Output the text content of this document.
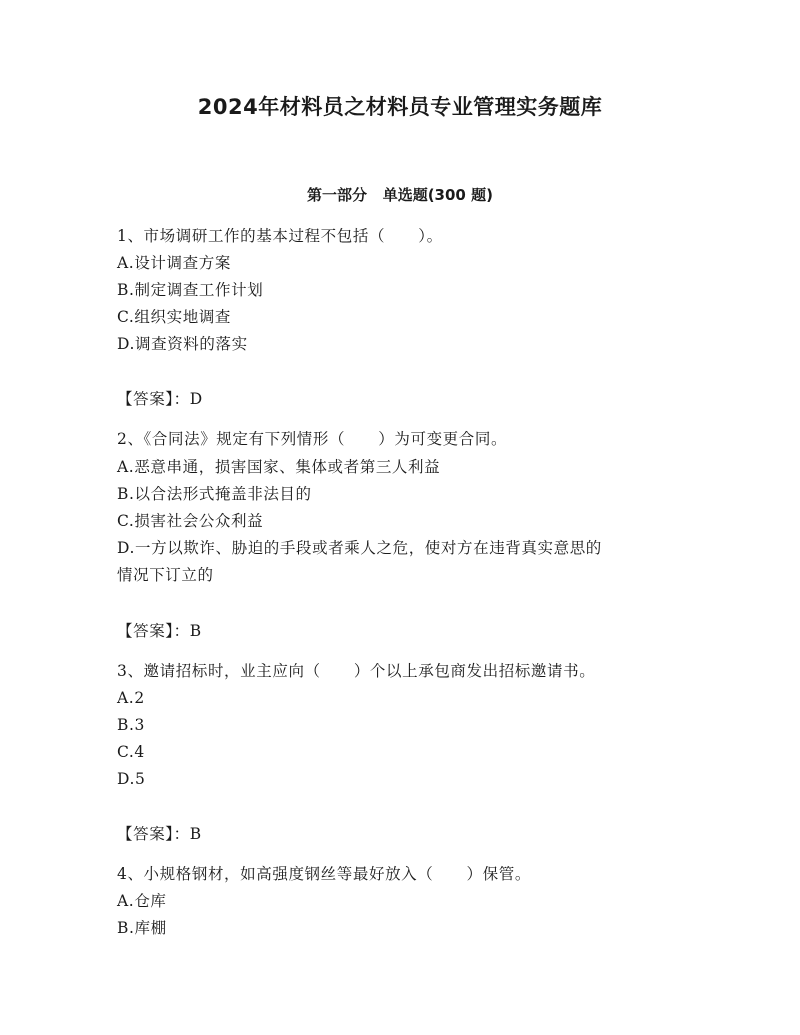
2024年材料员之材料员专业管理实务题库
第一部分   单选题(300 题)
1、市场调研工作的基本过程不包括（      ）。
A.设计调查方案
B.制定调查工作计划
C.组织实地调查
D.调查资料的落实
【答案】：D
2、《合同法》规定有下列情形（      ）为可变更合同。
A.恶意串通，损害国家、集体或者第三人利益
B.以合法形式掩盖非法目的
C.损害社会公众利益
D.一方以欺诈、胁迫的手段或者乘人之危，使对方在违背真实意思的
情况下订立的
【答案】：B
3、邀请招标时，业主应向（      ）个以上承包商发出招标邀请书。
A.2
B.3
C.4
D.5
【答案】：B
4、小规格钢材，如高强度钢丝等最好放入（      ）保管。
A.仓库
B.库棚
